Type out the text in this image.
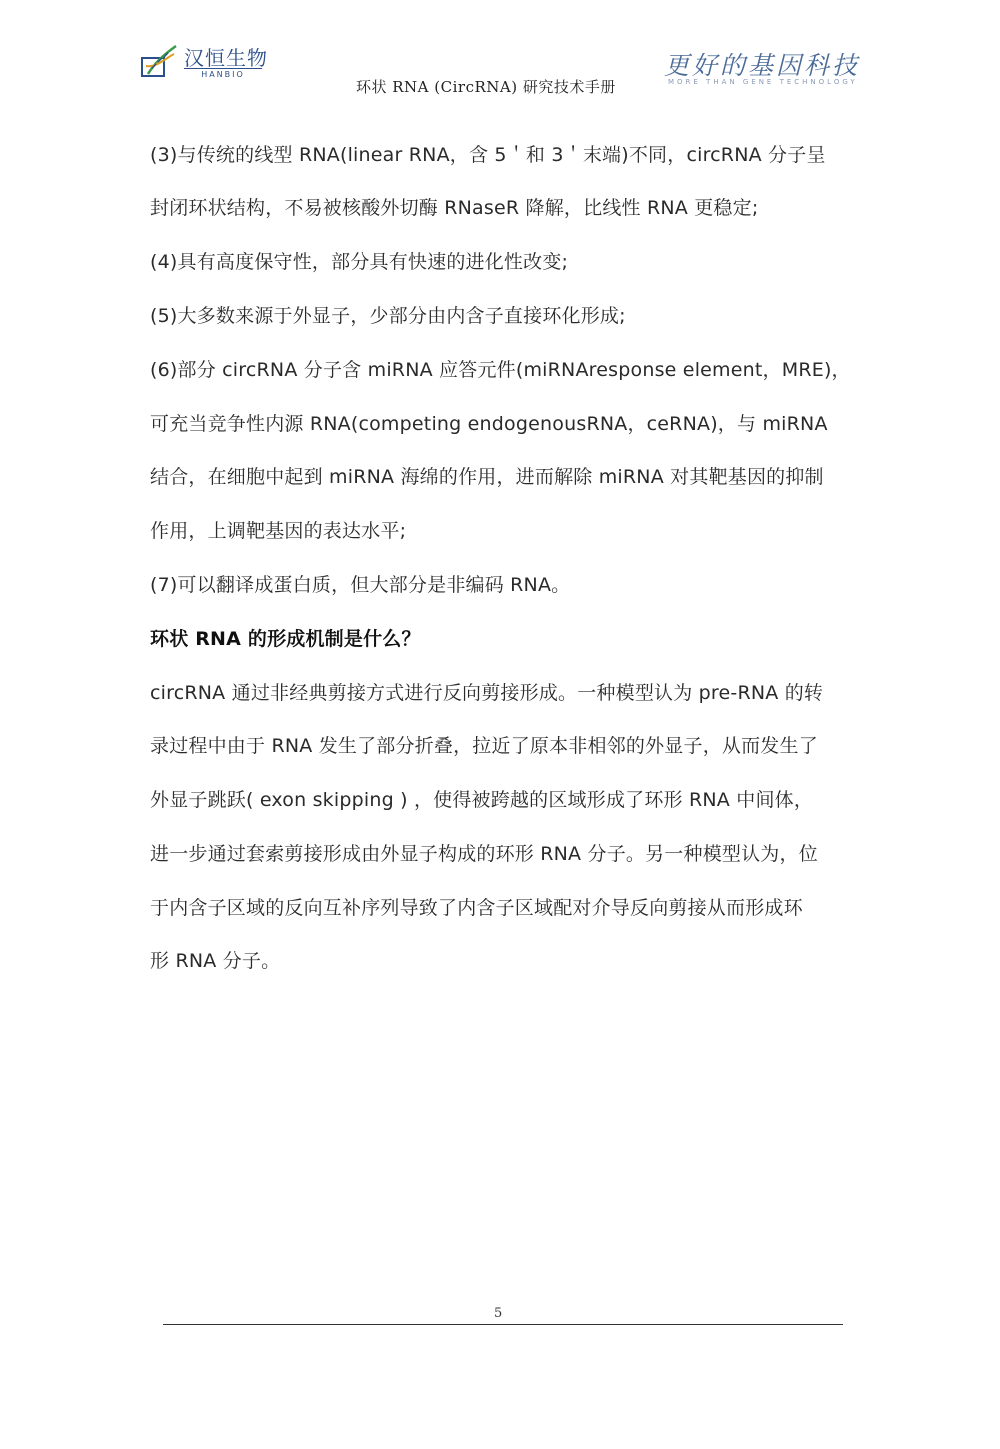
汉恒生物
HANBIO
环状 RNA (CircRNA) 研究技术手册
更好的基因科技
MORE THAN GENE TECHNOLOGY
(3)与传统的线型 RNA(linear RNA，含 5＇和 3＇末端)不同，circRNA 分子呈
封闭环状结构，不易被核酸外切酶 RNaseR 降解，比线性 RNA 更稳定;
(4)具有高度保守性，部分具有快速的进化性改变;
(5)大多数来源于外显子，少部分由内含子直接环化形成;
(6)部分 circRNA 分子含 miRNA 应答元件(miRNAresponse element，MRE)，
可充当竞争性内源 RNA(competing endogenousRNA，ceRNA)，与 miRNA
结合，在细胞中起到 miRNA 海绵的作用，进而解除 miRNA 对其靶基因的抑制
作用，上调靶基因的表达水平;
(7)可以翻译成蛋白质，但大部分是非编码 RNA。
环状 RNA 的形成机制是什么？
circRNA 通过非经典剪接方式进行反向剪接形成。一种模型认为 pre-RNA 的转
录过程中由于 RNA 发生了部分折叠，拉近了原本非相邻的外显子，从而发生了
外显子跳跃( exon skipping ) ，使得被跨越的区域形成了环形 RNA 中间体，
进一步通过套索剪接形成由外显子构成的环形 RNA 分子。另一种模型认为，位
于内含子区域的反向互补序列导致了内含子区域配对介导反向剪接从而形成环
形 RNA 分子。
5
